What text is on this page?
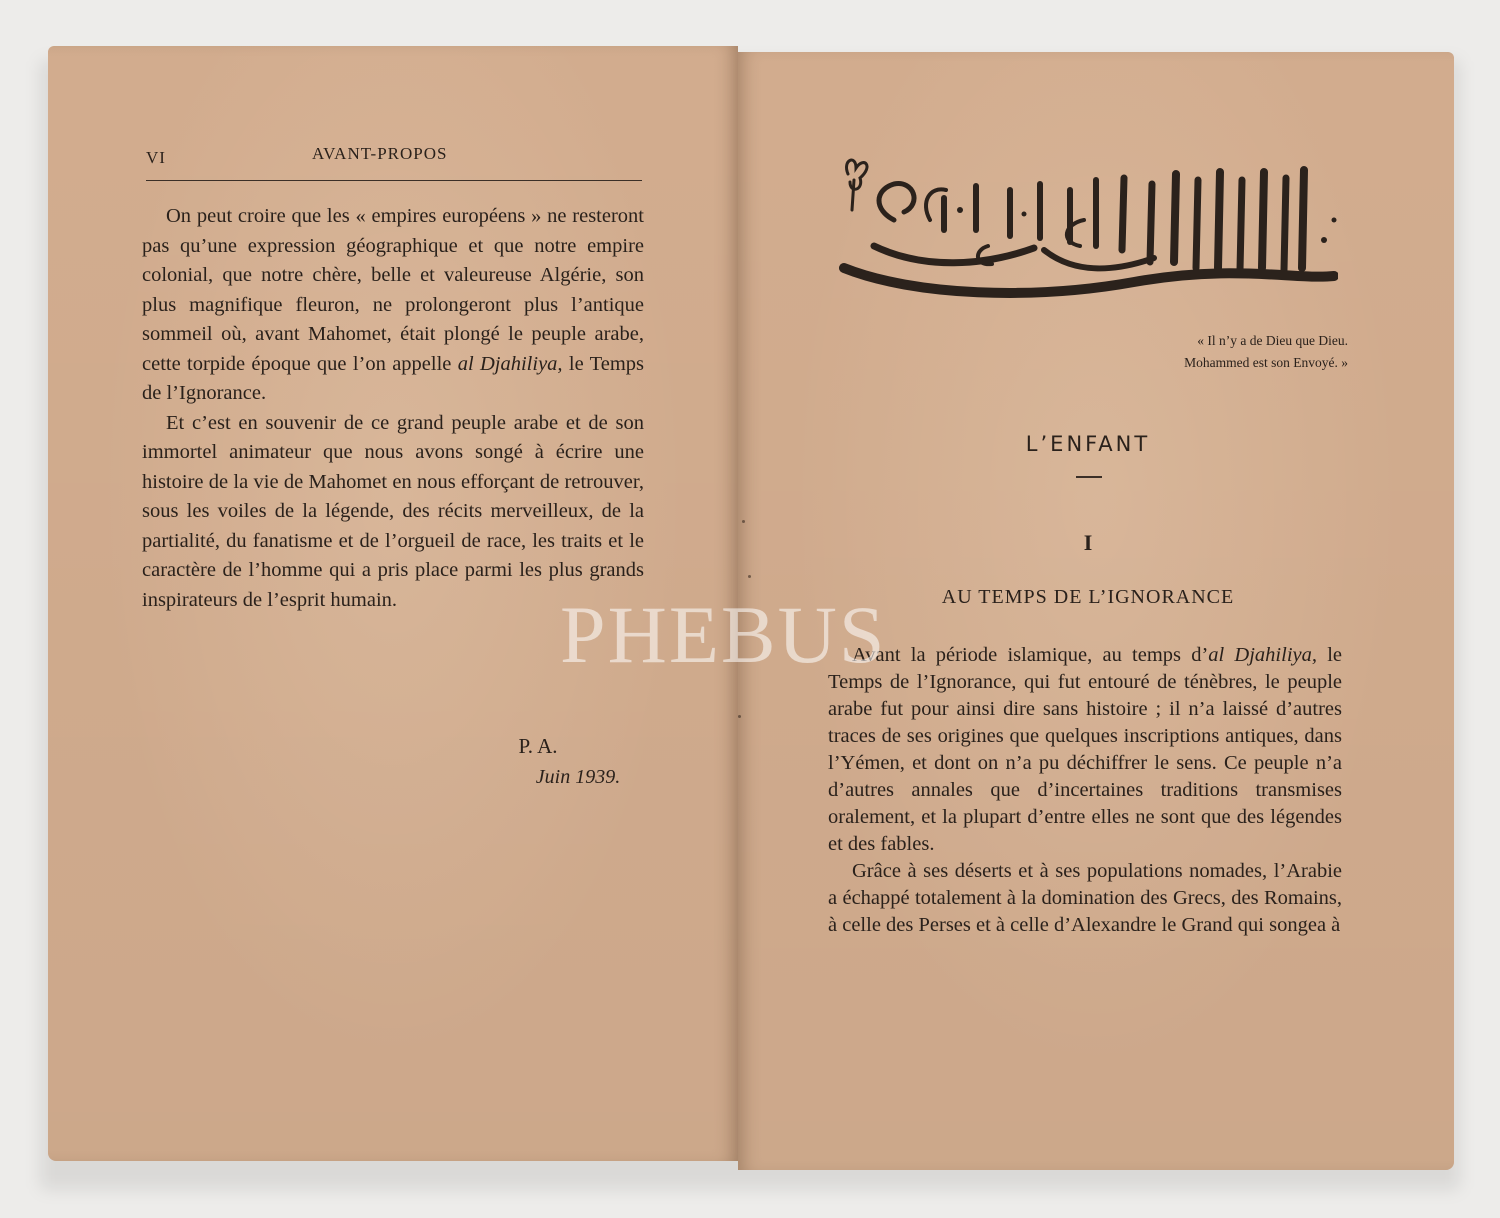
VI	AVANT-PROPOS

On peut croire que les « empires européens » ne resteront pas qu’une expression géographique et que notre empire colonial, que notre chère, belle et valeureuse Algérie, son plus magnifique fleuron, ne prolongeront plus l’antique sommeil où, avant Mahomet, était plongé le peuple arabe, cette torpide époque que l’on appelle al Djahiliya, le Temps de l’Ignorance.

Et c’est en souvenir de ce grand peuple arabe et de son immortel animateur que nous avons songé à écrire une histoire de la vie de Mahomet en nous efforçant de retrouver, sous les voiles de la légende, des récits merveilleux, de la partialité, du fanatisme et de l’orgueil de race, les traits et le caractère de l’homme qui a pris place parmi les plus grands inspirateurs de l’esprit humain.

P. A.
Juin 1939.
« Il n’y a de Dieu que Dieu.
Mohammed est son Envoyé. »
L’ENFANT
I
AU TEMPS DE L’IGNORANCE

Avant la période islamique, au temps d’al Djahiliya, le Temps de l’Ignorance, qui fut entouré de ténèbres, le peuple arabe fut pour ainsi dire sans histoire ; il n’a laissé d’autres traces de ses origines que quelques inscriptions antiques, dans l’Yémen, et dont on n’a pu déchiffrer le sens. Ce peuple n’a d’autres annales que d’incertaines traditions transmises oralement, et la plupart d’entre elles ne sont que des légendes et des fables.

Grâce à ses déserts et à ses populations nomades, l’Arabie a échappé totalement à la domination des Grecs, des Romains, à celle des Perses et à celle d’Alexandre le Grand qui songea à

PHEBUS
